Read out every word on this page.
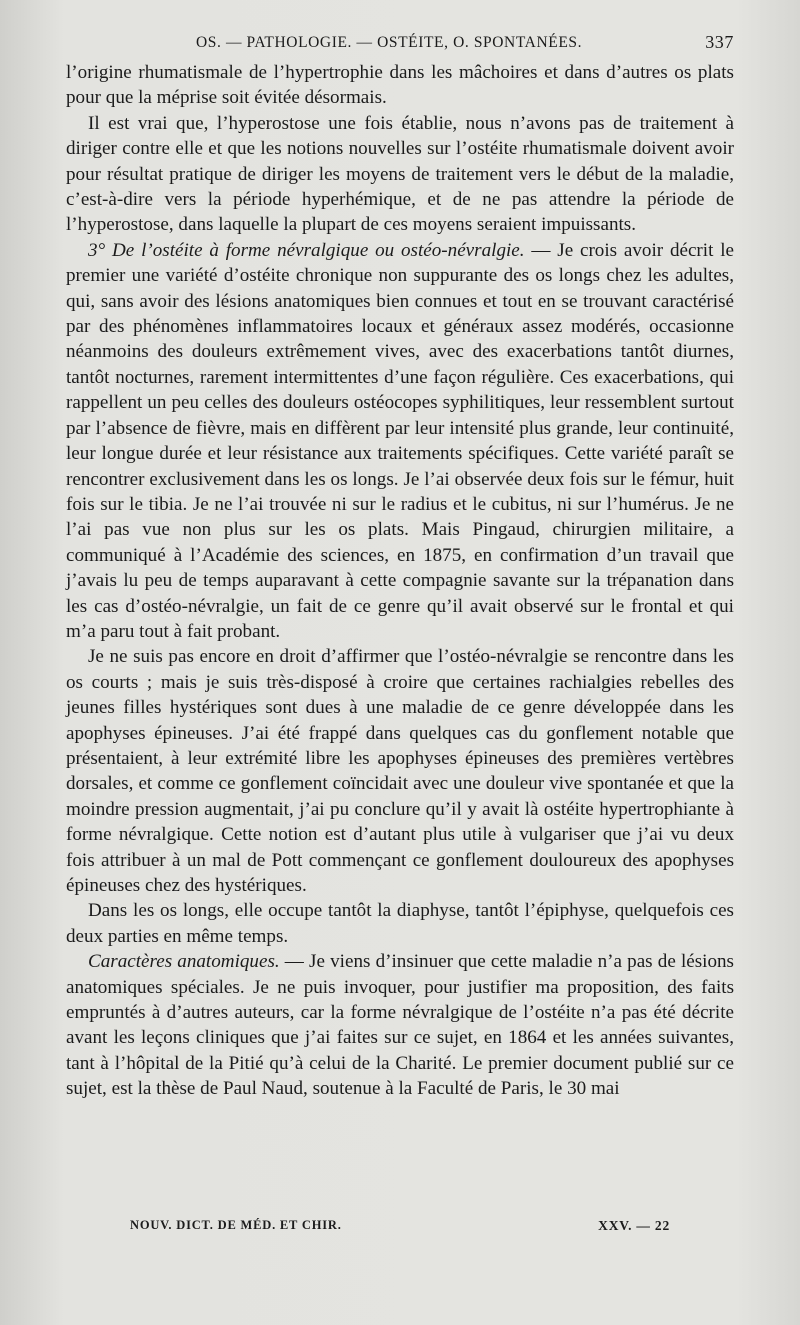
OS. — PATHOLOGIE. — OSTÉITE, O. SPONTANÉES.	337

l’origine rhumatismale de l’hypertrophie dans les mâchoires et dans d’autres os plats pour que la méprise soit évitée désormais.

Il est vrai que, l’hyperostose une fois établie, nous n’avons pas de traitement à diriger contre elle et que les notions nouvelles sur l’ostéite rhumatismale doivent avoir pour résultat pratique de diriger les moyens de traitement vers le début de la maladie, c’est-à-dire vers la période hyperhémique, et de ne pas attendre la période de l’hyperostose, dans laquelle la plupart de ces moyens seraient impuissants.

3° De l’ostéite à forme névralgique ou ostéo-névralgie. — Je crois avoir décrit le premier une variété d’ostéite chronique non suppurante des os longs chez les adultes, qui, sans avoir des lésions anatomiques bien connues et tout en se trouvant caractérisé par des phénomènes inflammatoires locaux et généraux assez modérés, occasionne néanmoins des douleurs extrêmement vives, avec des exacerbations tantôt diurnes, tantôt nocturnes, rarement intermittentes d’une façon régulière. Ces exacerbations, qui rappellent un peu celles des douleurs ostéocopes syphilitiques, leur ressemblent surtout par l’absence de fièvre, mais en diffèrent par leur intensité plus grande, leur continuité, leur longue durée et leur résistance aux traitements spécifiques. Cette variété paraît se rencontrer exclusivement dans les os longs. Je l’ai observée deux fois sur le fémur, huit fois sur le tibia. Je ne l’ai trouvée ni sur le radius et le cubitus, ni sur l’humérus. Je ne l’ai pas vue non plus sur les os plats. Mais Pingaud, chirurgien militaire, a communiqué à l’Académie des sciences, en 1875, en confirmation d’un travail que j’avais lu peu de temps auparavant à cette compagnie savante sur la trépanation dans les cas d’ostéo-névralgie, un fait de ce genre qu’il avait observé sur le frontal et qui m’a paru tout à fait probant.

Je ne suis pas encore en droit d’affirmer que l’ostéo-névralgie se rencontre dans les os courts ; mais je suis très-disposé à croire que certaines rachialgies rebelles des jeunes filles hystériques sont dues à une maladie de ce genre développée dans les apophyses épineuses. J’ai été frappé dans quelques cas du gonflement notable que présentaient, à leur extrémité libre les apophyses épineuses des premières vertèbres dorsales, et comme ce gonflement coïncidait avec une douleur vive spontanée et que la moindre pression augmentait, j’ai pu conclure qu’il y avait là ostéite hypertrophiante à forme névralgique. Cette notion est d’autant plus utile à vulgariser que j’ai vu deux fois attribuer à un mal de Pott commençant ce gonflement douloureux des apophyses épineuses chez des hystériques.

Dans les os longs, elle occupe tantôt la diaphyse, tantôt l’épiphyse, quelquefois ces deux parties en même temps.

Caractères anatomiques. — Je viens d’insinuer que cette maladie n’a pas de lésions anatomiques spéciales. Je ne puis invoquer, pour justifier ma proposition, des faits empruntés à d’autres auteurs, car la forme névralgique de l’ostéite n’a pas été décrite avant les leçons cliniques que j’ai faites sur ce sujet, en 1864 et les années suivantes, tant à l’hôpital de la Pitié qu’à celui de la Charité. Le premier document publié sur ce sujet, est la thèse de Paul Naud, soutenue à la Faculté de Paris, le 30 mai

NOUV. DICT. DE MÉD. ET CHIR.	XXV. — 22
